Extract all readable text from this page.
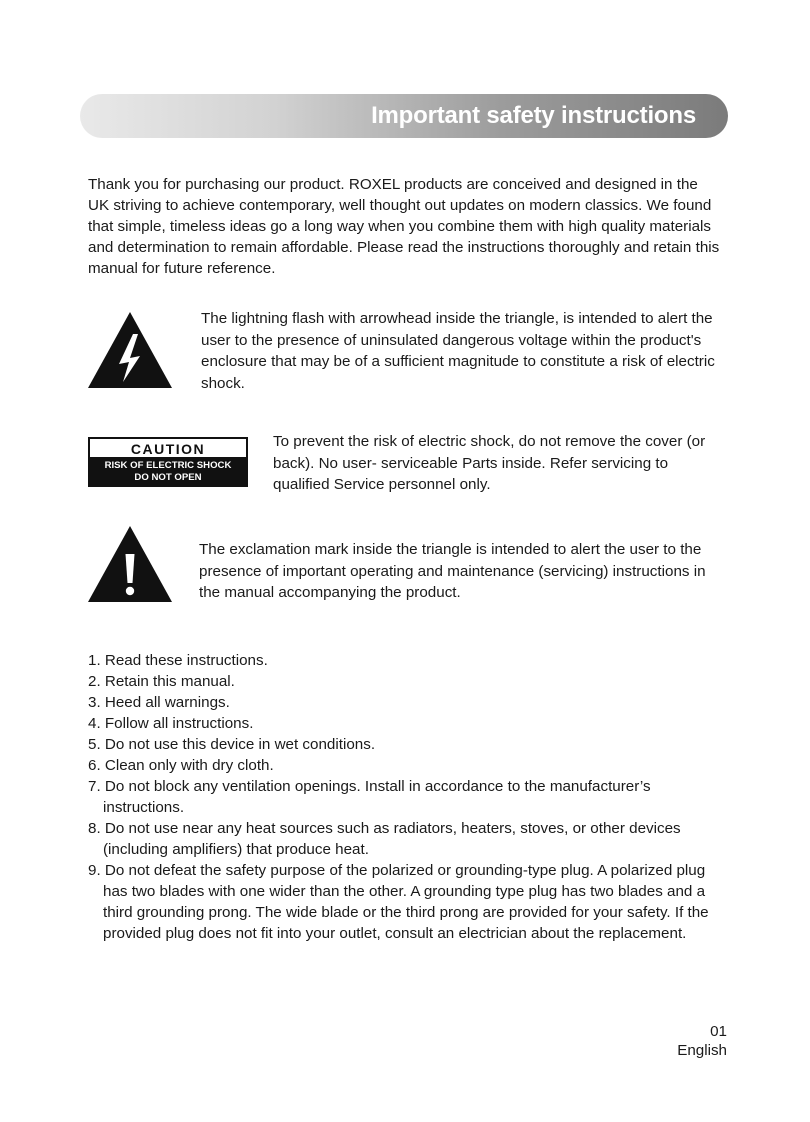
Important safety instructions

Thank you for purchasing our product. ROXEL products are conceived and designed in the UK striving to achieve contemporary, well thought out updates on modern classics. We found that simple, timeless ideas go a long way when you combine them with high quality materials and determination to remain affordable. Please read the instructions thoroughly and retain this manual for future reference.

The lightning flash with arrowhead inside the triangle, is intended to alert the user to the presence of uninsulated dangerous voltage within the product's enclosure that may be of a sufficient magnitude to constitute a risk of electric shock.

CAUTION
RISK OF ELECTRIC SHOCK
DO NOT OPEN

To prevent the risk of electric shock, do not remove the cover (or back). No user- serviceable Parts inside. Refer servicing to qualified Service personnel only.

The exclamation mark inside the triangle is intended to alert the user to the presence of important operating and maintenance (servicing) instructions in the manual accompanying the product.

1. Read these instructions.
2. Retain this manual.
3. Heed all warnings.
4. Follow all instructions.
5. Do not use this device in wet conditions.
6. Clean only with dry cloth.
7. Do not block any ventilation openings. Install in accordance to the manufacturer’s instructions.
8. Do not use near any heat sources such as radiators, heaters, stoves, or other devices (including amplifiers) that produce heat.
9. Do not defeat the safety purpose of the polarized or grounding-type plug. A polarized plug has two blades with one wider than the other. A grounding type plug has two blades and a third grounding prong. The wide blade or the third prong are provided for your safety. If the provided plug does not fit into your outlet, consult an electrician about the replacement.
01
English
